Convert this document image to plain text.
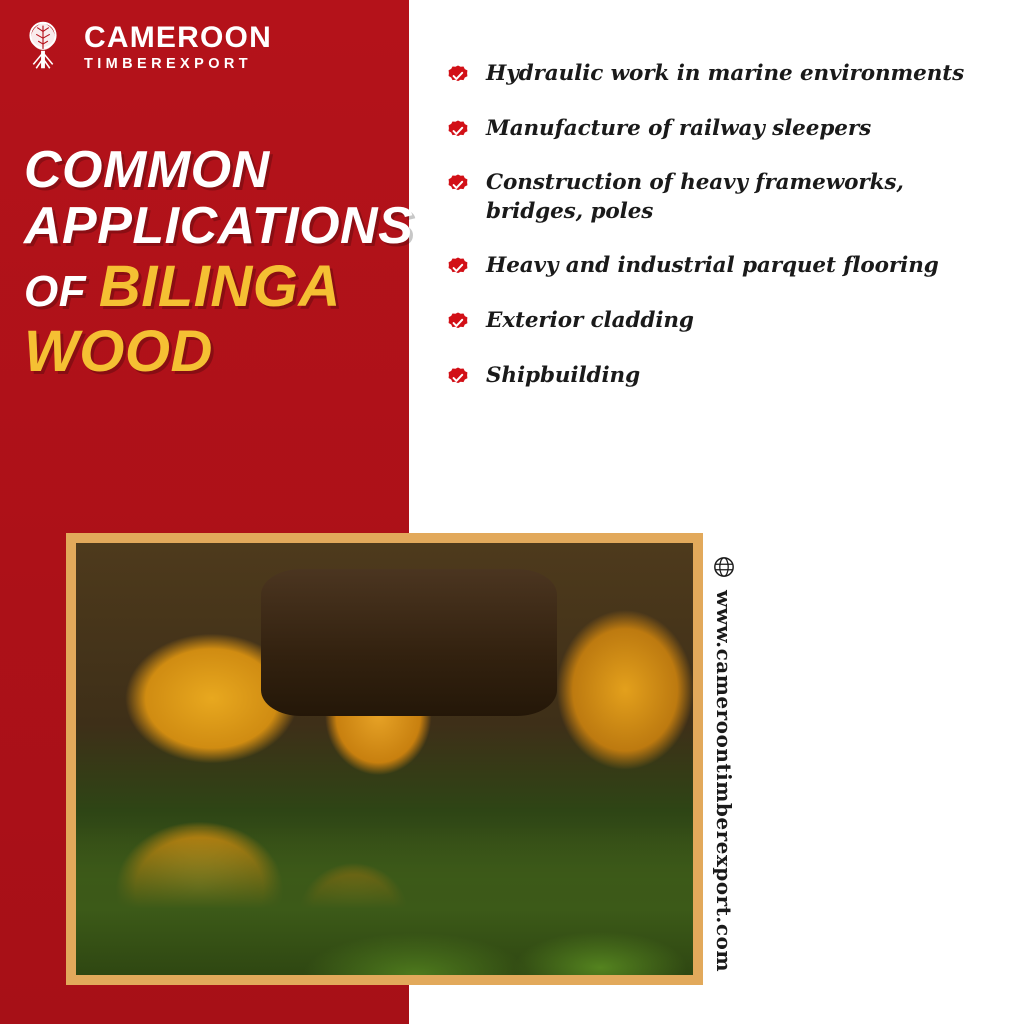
CAMEROON
TIMBEREXPORT
COMMON
APPLICATIONS
OF BILINGA
WOOD
Hydraulic work in marine environments
Manufacture of railway sleepers
Construction of heavy frameworks, bridges, poles
Heavy and industrial parquet flooring
Exterior cladding
Shipbuilding
www.cameroontimberexport.com
